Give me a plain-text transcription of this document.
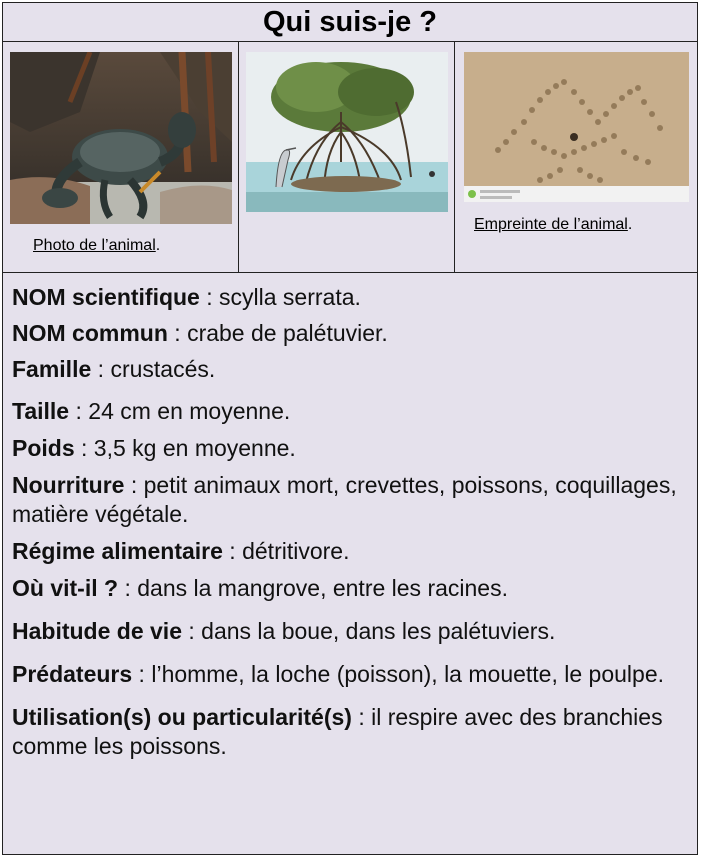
Qui suis-je ?
Photo de l’animal.
Empreinte de l’animal.

NOM scientifique : scylla serrata.

NOM commun : crabe de palétuvier.

Famille : crustacés.

Taille : 24 cm en moyenne.

Poids : 3,5 kg en moyenne.

Nourriture : petit animaux mort, crevettes, poissons, coquillages, matière végétale.

Régime alimentaire : détritivore.

Où vit-il ? : dans la mangrove, entre les racines.

Habitude de vie : dans la boue, dans les palétuviers.

Prédateurs : l’homme, la loche (poisson), la mouette, le poulpe.

Utilisation(s) ou particularité(s) : il respire avec des branchies comme les poissons.
